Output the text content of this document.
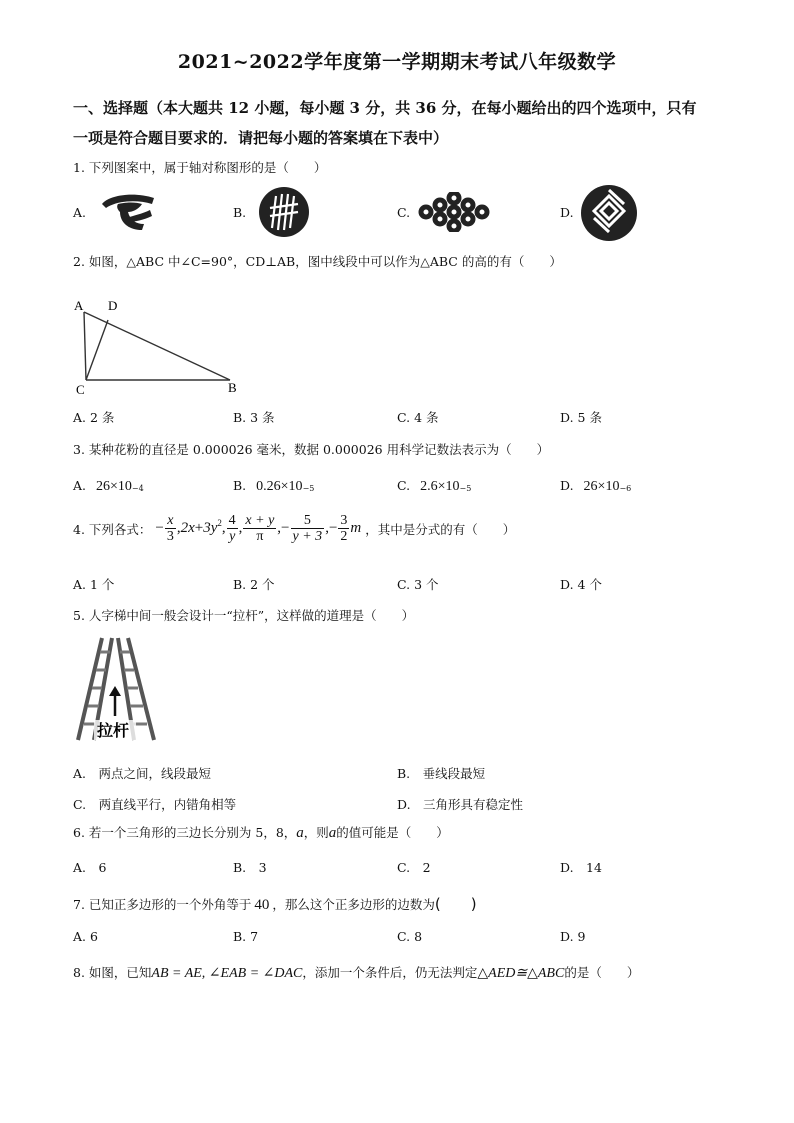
2021~2022学年度第一学期期末考试八年级数学
一、选择题（本大题共 12 小题，每小题 3 分，共 36 分，在每小题给出的四个选项中，只有
一项是符合题目要求的．请把每小题的答案填在下表中）
1. 下列图案中，属于轴对称图形的是（　　）
A.	B.	C.	D.
2. 如图，△ABC 中∠C=90°，CD⊥AB，图中线段中可以作为△ABC 的高的有（　　）
A D
C	B
A. 2 条	B. 3 条	C. 4 条	D. 5 条
3. 某种花粉的直径是 0.000026 毫米，数据 0.000026 用科学记数法表示为（　　）
A. 26×10−4	B. 0.26×10−5	C. 2.6×10−5	D. 26×10−6
4. 下列各式： − $\frac{x}{3} ,2x+3y^2$, $\frac{4}{y}$ , $\frac{x + y}{\pi}$ ,− $\frac{5}{y + 3}$ ,− $\frac{3}{2}$ m ，其中是分式的有（　　）
A. 1 个	B. 2 个	C. 3 个	D. 4 个
5. 人字梯中间一般会设计一“拉杆”，这样做的道理是（　　）
拉杆
A.　两点之间，线段最短	B.　垂线段最短
C.　两直线平行，内错角相等	D.　三角形具有稳定性
6. 若一个三角形的三边长分别为 5，8，a，则a的值可能是（　　）
A.　6	B.　3	C.　2	D.　14
7. 已知正多边形的一个外角等于 40 ，那么这个正多边形的边数为(　　)
A. 6	B. 7	C. 8	D. 9
8. 如图，已知AB = AE, ∠EAB = ∠DAC，添加一个条件后，仍无法判定△AED≅△ABC的是（　　）
